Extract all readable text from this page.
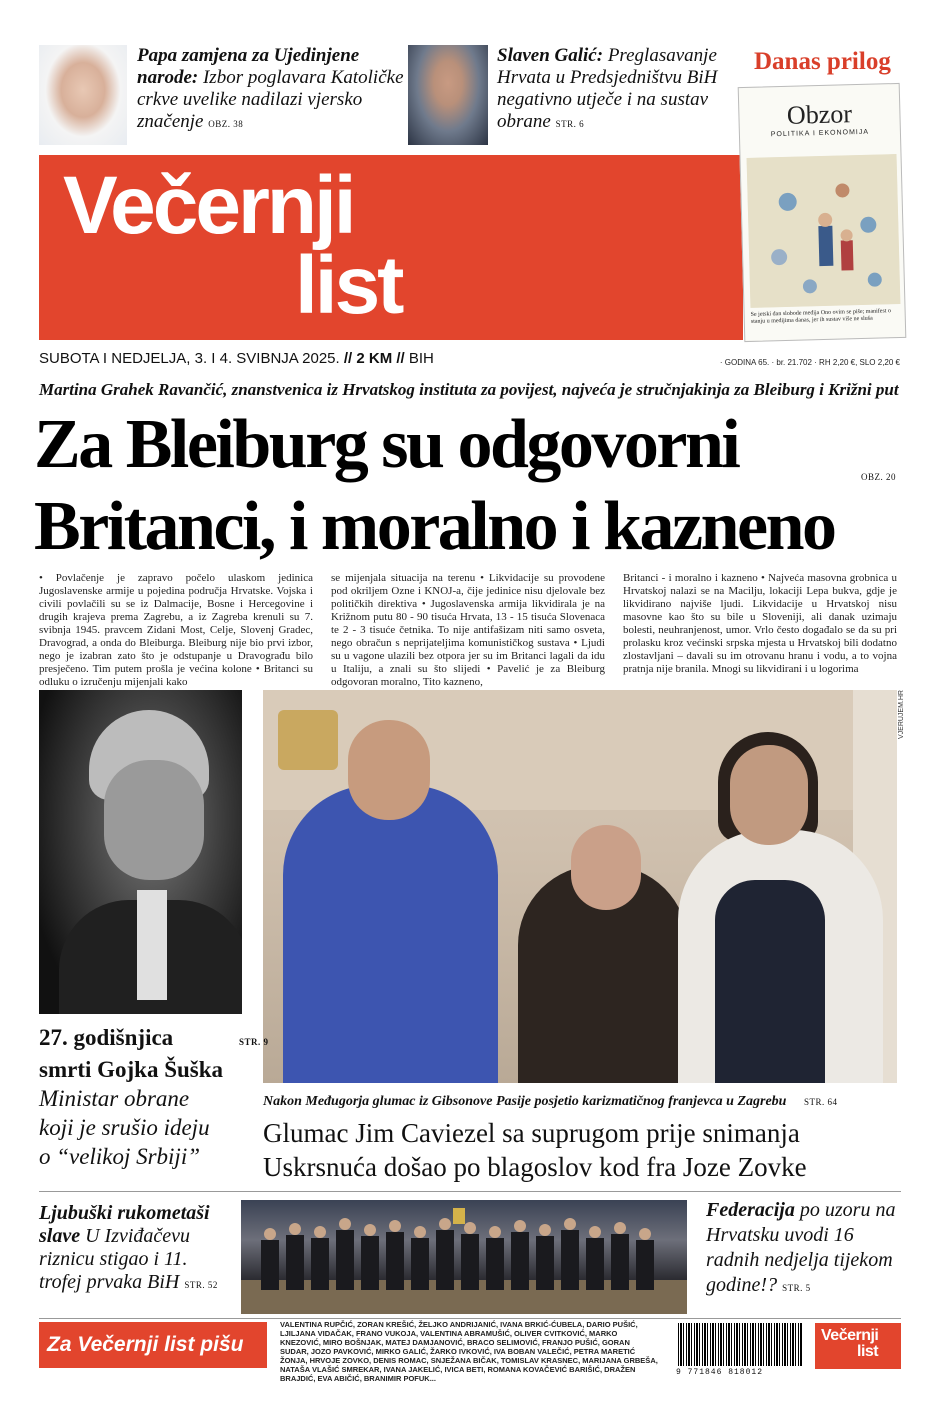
Papa zamjena za Ujedinjene narode: Izbor poglavara Katoličke crkve uvelike nadilazi vjersko značenje OBZ. 38
Slaven Galić: Preglasavanje Hrvata u Predsjedništvu BiH negativno utječe i na sustav obrane STR. 6
Danas prilog
Večernji
list
Obzor
POLITIKA I EKONOMIJA
Se jetski dan slobode medija Ono ovim se piše; manifest o stanju u medijima danas, jer ih sustav više ne sluša
SUBOTA I NEDJELJA, 3. I 4. SVIBNJA 2025. // 2 KM // BIH	· GODINA 65. · br. 21.702 · RH 2,20 €, SLO 2,20 €
Martina Grahek Ravančić, znanstvenica iz Hrvatskog instituta za povijest, najveća je stručnjakinja za Bleiburg i Križni put
Za Bleiburg su odgovorni
Britanci, i moralno i kazneno
OBZ. 20
• Povlačenje je zapravo počelo ulaskom jedinica Jugoslavenske armije u pojedina područja Hrvatske. Vojska i civili povlačili su se iz Dalmacije, Bosne i Hercegovine i drugih krajeva prema Zagrebu, a iz Zagreba krenuli su 7. svibnja 1945. pravcem Zidani Most, Celje, Slovenj Gradec, Dravograd, a onda do Bleiburga. Bleiburg nije bio prvi izbor, nego je izabran zato što je odstupanje u Dravograđu bilo presječeno. Tim putem prošla je većina kolone • Britanci su odluku o izručenju mijenjali kako
se mijenjala situacija na terenu • Likvidacije su provodene pod okriljem Ozne i KNOJ-a, čije jedinice nisu djelovale bez političkih direktiva • Jugoslavenska armija likvidirala je na Križnom putu 80 - 90 tisuća Hrvata, 13 - 15 tisuća Slovenaca te 2 - 3 tisuće četnika. To nije antifašizam niti samo osveta, nego obračun s neprijateljima komunističkog sustava • Ljudi su u vagone ulazili bez otpora jer su im Britanci lagali da idu u Italiju, a znali su što slijedi • Pavelić je za Bleiburg odgovoran moralno, Tito kazneno,
Britanci - i moralno i kazneno • Najveća masovna grobnica u Hrvatskoj nalazi se na Macilju, lokaciji Lepa bukva, gdje je likvidirano najviše ljudi. Likvidacije u Hrvatskoj nisu masovne kao što su bile u Sloveniji, ali danak uzimaju bolesti, neuhranjenost, umor. Vrlo često događalo se da su pri prolasku kroz većinski srpska mjesta u Hrvatskoj bili dodatno zlostavljani – davali su im otrovanu hranu i vodu, a to vojna pratnja nije branila. Mnogi su likvidirani i u logorima
VJERUJEM.HR
27. godišnjica	STR. 9
smrti Gojka Šuška
Ministar obrane
koji je srušio ideju
o “velikoj Srbiji”
Nakon Međugorja glumac iz Gibsonove Pasije posjetio karizmatičnog franjevca u Zagrebu STR. 64
Glumac Jim Caviezel sa suprugom prije snimanja
Uskrsnuća došao po blagoslov kod fra Joze Zovke
Ljubuški rukometaši slave U Izviđačevu riznicu stigao i 11. trofej prvaka BiH STR. 52
Federacija po uzoru na Hrvatsku uvodi 16 radnih nedjelja tijekom godine!? STR. 5
Za Večernji list pišu
VALENTINA RUPČIĆ, ZORAN KREŠIĆ, ŽELJKO ANDRIJANIĆ, IVANA BRKIĆ-ĆUBELA, DARIO PUŠIĆ, LJILJANA VIDAČAK, FRANO VUKOJA, VALENTINA ABRAMUŠIĆ, OLIVER CVITKOVIĆ, MARKO KNEZOVIĆ, MIRO BOŠNJAK, MATEJ DAMJANOVIĆ, BRACO SELIMOVIĆ, FRANJO PUŠIĆ, GORAN SUDAR, JOZO PAVKOVIĆ, MIRKO GALIĆ, ŽARKO IVKOVIĆ, IVA BOBAN VALEČIĆ, PETRA MARETIĆ ŽONJA, HRVOJE ZOVKO, DENIS ROMAC, SNJEŽANA BIČAK, TOMISLAV KRASNEC, MARIJANA GRBEŠA, NATAŠA VLAŠIĆ SMREKAR, IVANA JAKELIĆ, IVICA BETI, ROMANA KOVAČEVIĆ BARIŠIĆ, DRAŽEN BRAJDIĆ, EVA ABIČIĆ, BRANIMIR POFUK...
9 771846 818012
Večernji
list
